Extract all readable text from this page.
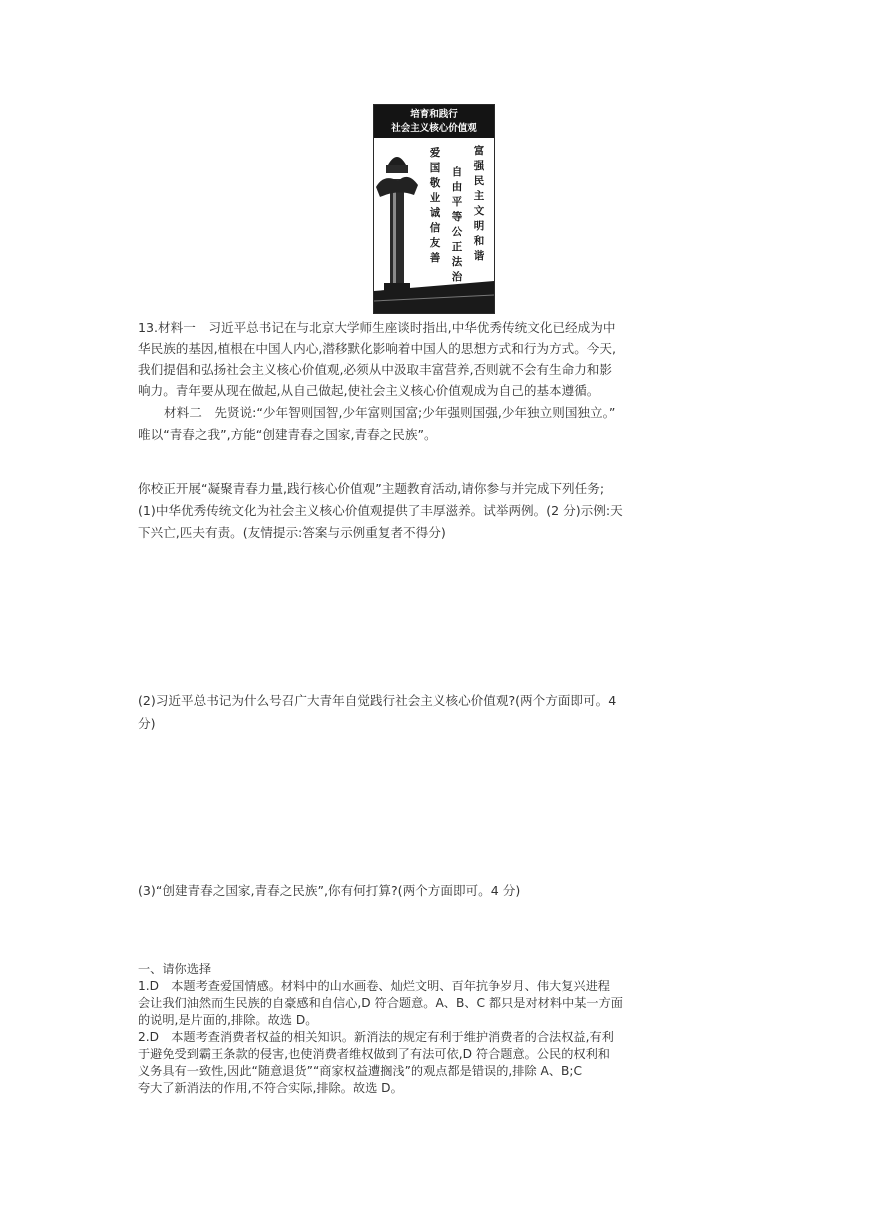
培育和践行
社会主义核心价值观
富强民主文明和谐
自由平等公正法治
爱国敬业诚信友善
13.材料一　习近平总书记在与北京大学师生座谈时指出,中华优秀传统文化已经成为中
华民族的基因,植根在中国人内心,潜移默化影响着中国人的思想方式和行为方式。今天,
我们提倡和弘扬社会主义核心价值观,必须从中汲取丰富营养,否则就不会有生命力和影
响力。青年要从现在做起,从自己做起,使社会主义核心价值观成为自己的基本遵循。
材料二　先贤说:“少年智则国智,少年富则国富;少年强则国强,少年独立则国独立。”
唯以“青春之我”,方能“创建青春之国家,青春之民族”。
你校正开展“凝聚青春力量,践行核心价值观”主题教育活动,请你参与并完成下列任务;
(1)中华优秀传统文化为社会主义核心价值观提供了丰厚滋养。试举两例。(2 分)示例:天
下兴亡,匹夫有责。(友情提示:答案与示例重复者不得分)
(2)习近平总书记为什么号召广大青年自觉践行社会主义核心价值观?(两个方面即可。4
分)
(3)“创建青春之国家,青春之民族”,你有何打算?(两个方面即可。4 分)
一、请你选择
1.D　本题考查爱国情感。材料中的山水画卷、灿烂文明、百年抗争岁月、伟大复兴进程
会让我们油然而生民族的自豪感和自信心,D 符合题意。A、B、C 都只是对材料中某一方面
的说明,是片面的,排除。故选 D。
2.D　本题考查消费者权益的相关知识。新消法的规定有利于维护消费者的合法权益,有利
于避免受到霸王条款的侵害,也使消费者维权做到了有法可依,D 符合题意。公民的权利和
义务具有一致性,因此“随意退货”“商家权益遭搁浅”的观点都是错误的,排除 A、B;C
夸大了新消法的作用,不符合实际,排除。故选 D。
